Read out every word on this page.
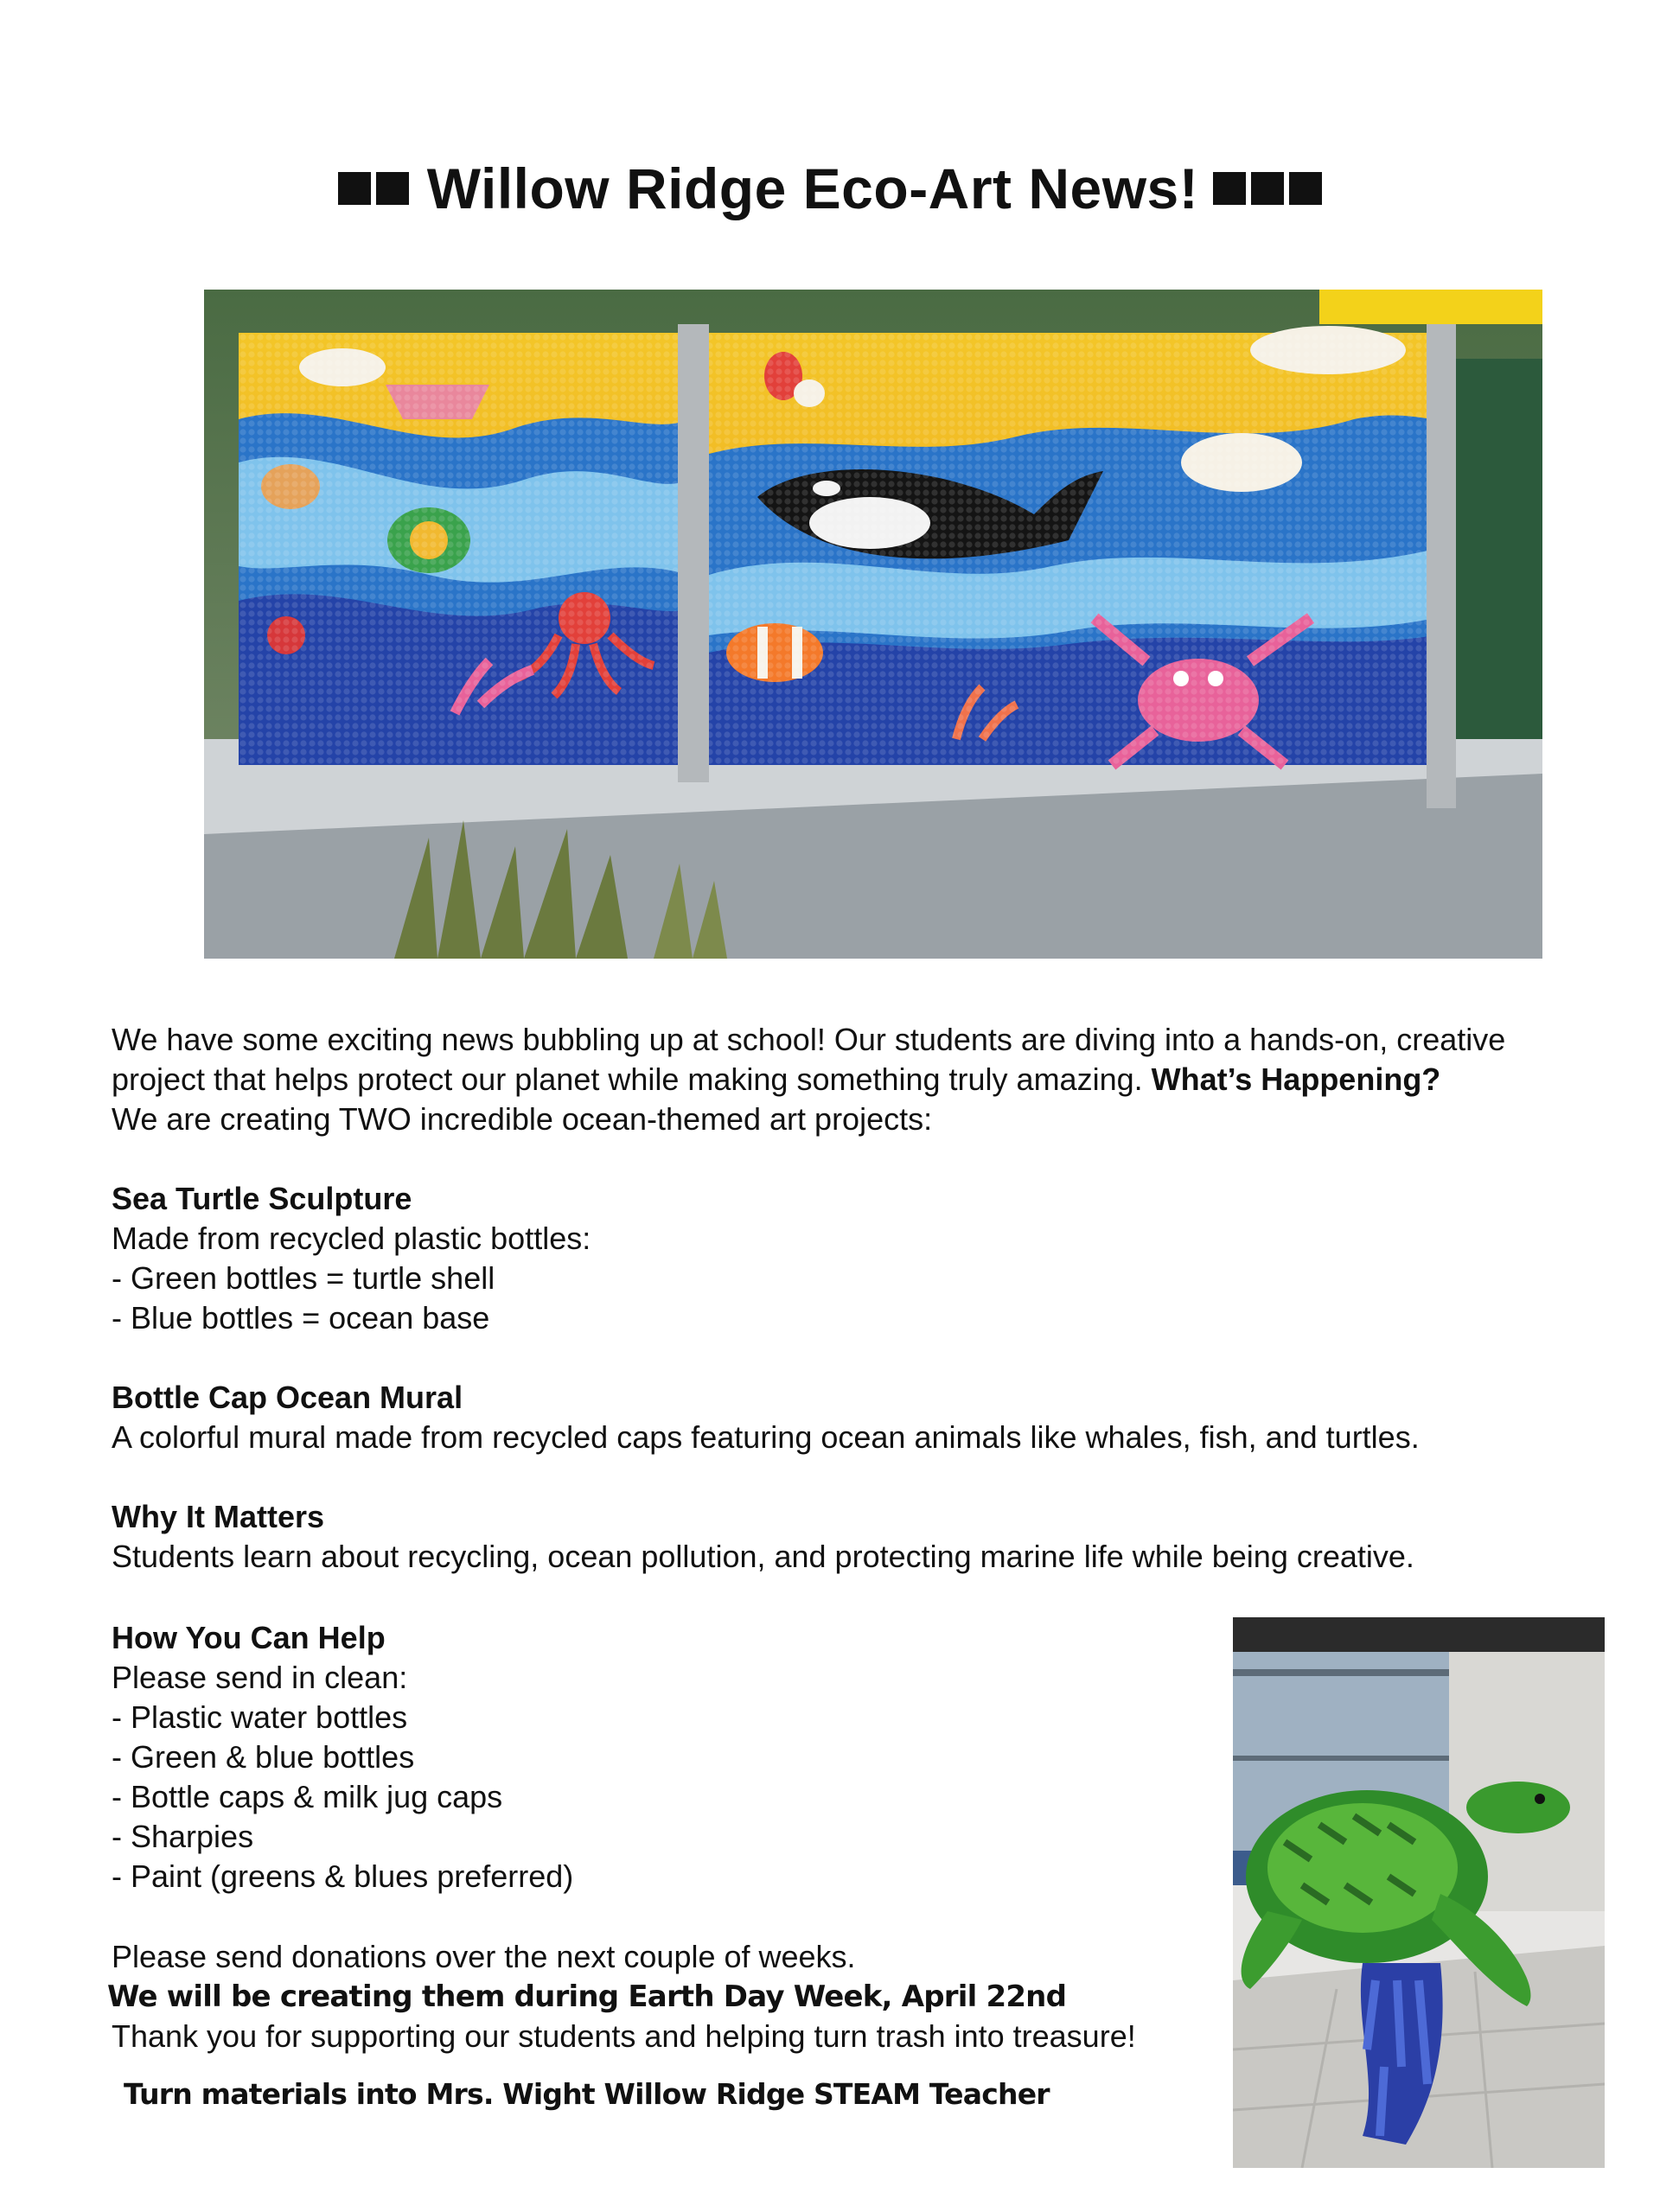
Willow Ridge Eco-Art News!
We have some exciting news bubbling up at school! Our students are diving into a hands-on, creative
project that helps protect our planet while making something truly amazing. What’s Happening?
We are creating TWO incredible ocean-themed art projects:
Sea Turtle Sculpture
Made from recycled plastic bottles:
- Green bottles = turtle shell
- Blue bottles = ocean base
Bottle Cap Ocean Mural
A colorful mural made from recycled caps featuring ocean animals like whales, fish, and turtles.
Why It Matters
Students learn about recycling, ocean pollution, and protecting marine life while being creative.
How You Can Help
Please send in clean:
- Plastic water bottles
- Green & blue bottles
- Bottle caps & milk jug caps
- Sharpies
- Paint (greens & blues preferred)
Please send donations over the next couple of weeks.
We will be creating them during Earth Day Week, April 22nd
Thank you for supporting our students and helping turn trash into treasure!
Turn materials into Mrs. Wight Willow Ridge STEAM Teacher
